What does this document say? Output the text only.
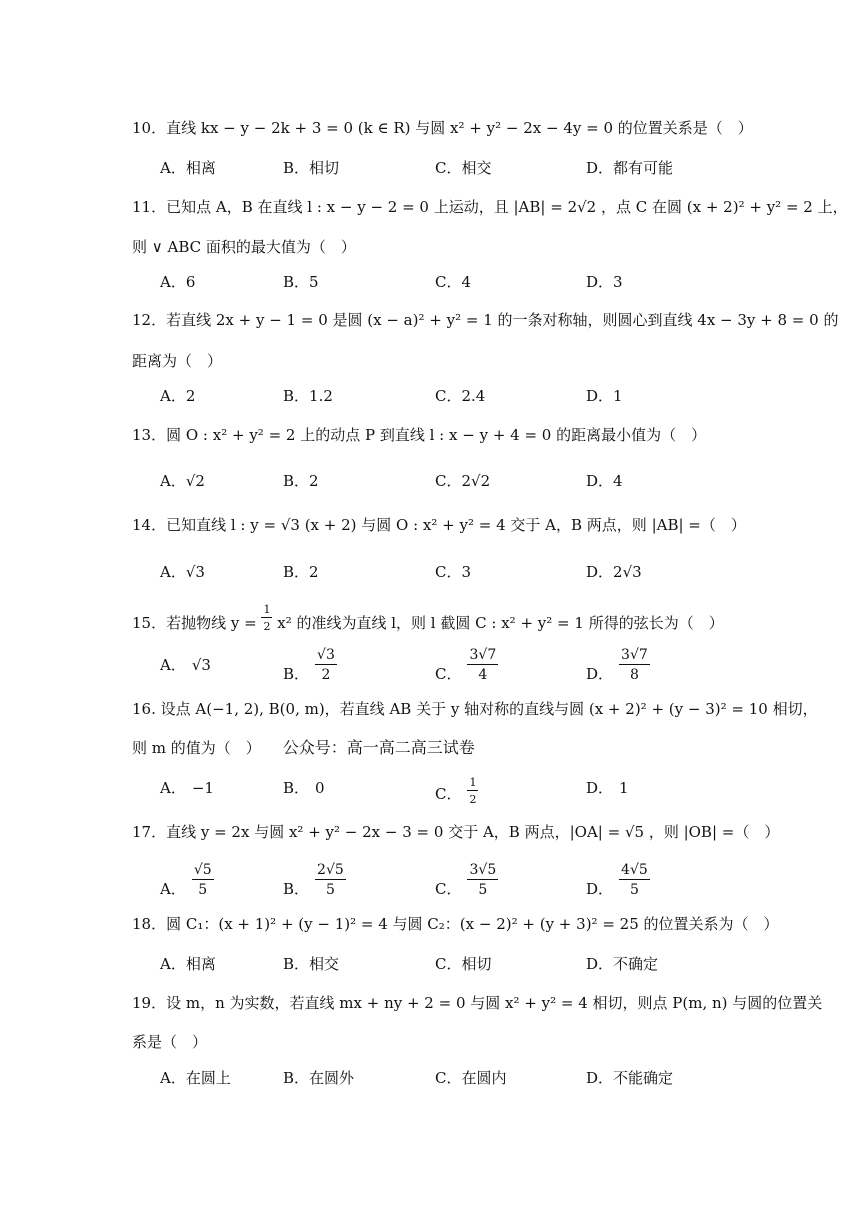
10．直线 kx − y − 2k + 3 = 0 (k ∈ R) 与圆 x² + y² − 2x − 4y = 0 的位置关系是（　）
A．相离	B．相切	C．相交	D．都有可能
11．已知点 A，B 在直线 l : x − y − 2 = 0 上运动，且 |AB| = 2√2 ，点 C 在圆 (x + 2)² + y² = 2 上，
则 ∨ ABC 面积的最大值为（　）
A．6	B．5	C．4	D．3
12．若直线 2x + y − 1 = 0 是圆 (x − a)² + y² = 1 的一条对称轴，则圆心到直线 4x − 3y + 8 = 0 的
距离为（　）
A．2	B．1.2	C．2.4	D．1
13．圆 O : x² + y² = 2 上的动点 P 到直线 l : x − y + 4 = 0 的距离最小值为（　）
A．√2	B．2	C．2√2	D．4
14．已知直线 l : y = √3 (x + 2) 与圆 O : x² + y² = 4 交于 A，B 两点，则 |AB| =（　）
A．√3	B．2	C．3	D．2√3
15．若抛物线 $y = \frac{1}{2} x^2$ 的准线为直线 l，则 l 截圆 C : x² + y² = 1 所得的弦长为（　）
A． √3	B． $\frac{√3}{2}$	C． $\frac{3√7}{4}$	D． $\frac{3√7}{8}$
16. 设点 A(−1, 2), B(0, m)，若直线 AB 关于 y 轴对称的直线与圆 (x + 2)² + (y − 3)² = 10 相切，
则 m 的值为（　） 公众号：高一高二高三试卷
A． −1	B． 0	C． $\frac{1}{2}$	D． 1
17．直线 y = 2x 与圆 x² + y² − 2x − 3 = 0 交于 A，B 两点，|OA| = √5 ，则 |OB| =（　）
A． $\frac{√5}{5}$	B． $\frac{2√5}{5}$	C． $\frac{3√5}{5}$	D． $\frac{4√5}{5}$
18．圆 C₁：(x + 1)² + (y − 1)² = 4 与圆 C₂：(x − 2)² + (y + 3)² = 25 的位置关系为（　）
A．相离	B．相交	C．相切	D．不确定
19．设 m，n 为实数，若直线 mx + ny + 2 = 0 与圆 x² + y² = 4 相切，则点 P(m, n) 与圆的位置关
系是（　）
A．在圆上	B．在圆外	C．在圆内	D．不能确定
